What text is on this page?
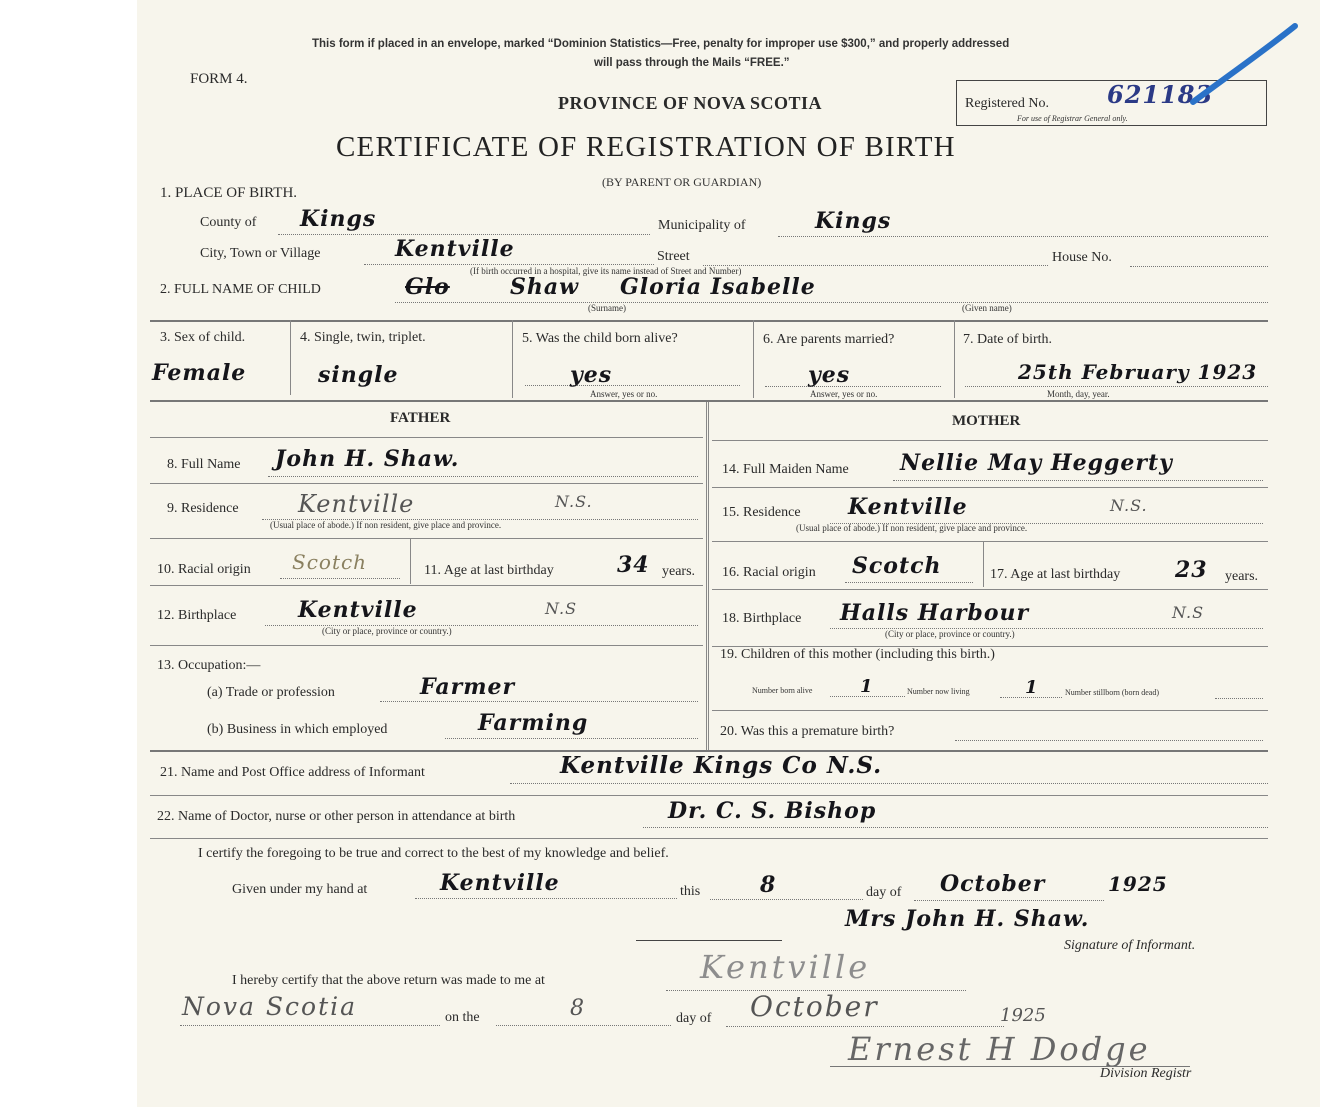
This form if placed in an envelope, marked “Dominion Statistics—Free, penalty for improper use $300,” and properly addressed
will pass through the Mails “FREE.”
FORM 4.
PROVINCE OF NOVA SCOTIA	Registered No. 621183
For use of Registrar General only.
CERTIFICATE OF REGISTRATION OF BIRTH
(BY PARENT OR GUARDIAN)
1. PLACE OF BIRTH.
County of Kings	Municipality of	Kings
City, Town or Village	Kentville	Street	House No.
(If birth occurred in a hospital, give its name instead of Street and Number)
2. FULL NAME OF CHILD	Glo	Shaw Gloria Isabelle
(Surname)	(Given name)
3. Sex of child.
Female
4. Single, twin, triplet.
single
5. Was the child born alive?
yes
Answer, yes or no.
6. Are parents married?
yes
Answer, yes or no.
7. Date of birth.
25th February 1923
Month, day, year.
FATHER	MOTHER
8. Full Name John H. Shaw.
9. Residence Kentville	N.S.
(Usual place of abode.) If non resident, give place and province.
10. Racial origin Scotch	11. Age at last birthday	34 years.
12. Birthplace	Kentville	N.S
(City or place, province or country.)
13. Occupation:—
(a) Trade or profession	Farmer
(b) Business in which employed	Farming
14. Full Maiden Name Nellie May Heggerty
15. Residence Kentville	N.S.
(Usual place of abode.) If non resident, give place and province.
16. Racial origin Scotch	17. Age at last birthday 23 years.
18. Birthplace Halls Harbour	N.S
(City or place, province or country.)
19. Children of this mother (including this birth.)
Number born alive	1	Number now living	1	Number stillborn (born dead)
20. Was this a premature birth?
21. Name and Post Office address of Informant	Kentville Kings Co N.S.
22. Name of Doctor, nurse or other person in attendance at birth	Dr. C. S. Bishop
I certify the foregoing to be true and correct to the best of my knowledge and belief.
Given under my hand at	Kentville	this	8	day of October	1925
Mrs John H. Shaw.
Signature of Informant.
I hereby certify that the above return was made to me at	Kentville
Nova Scotia	on the	8	day of October	1925
Ernest H Dodge
Division Registr
